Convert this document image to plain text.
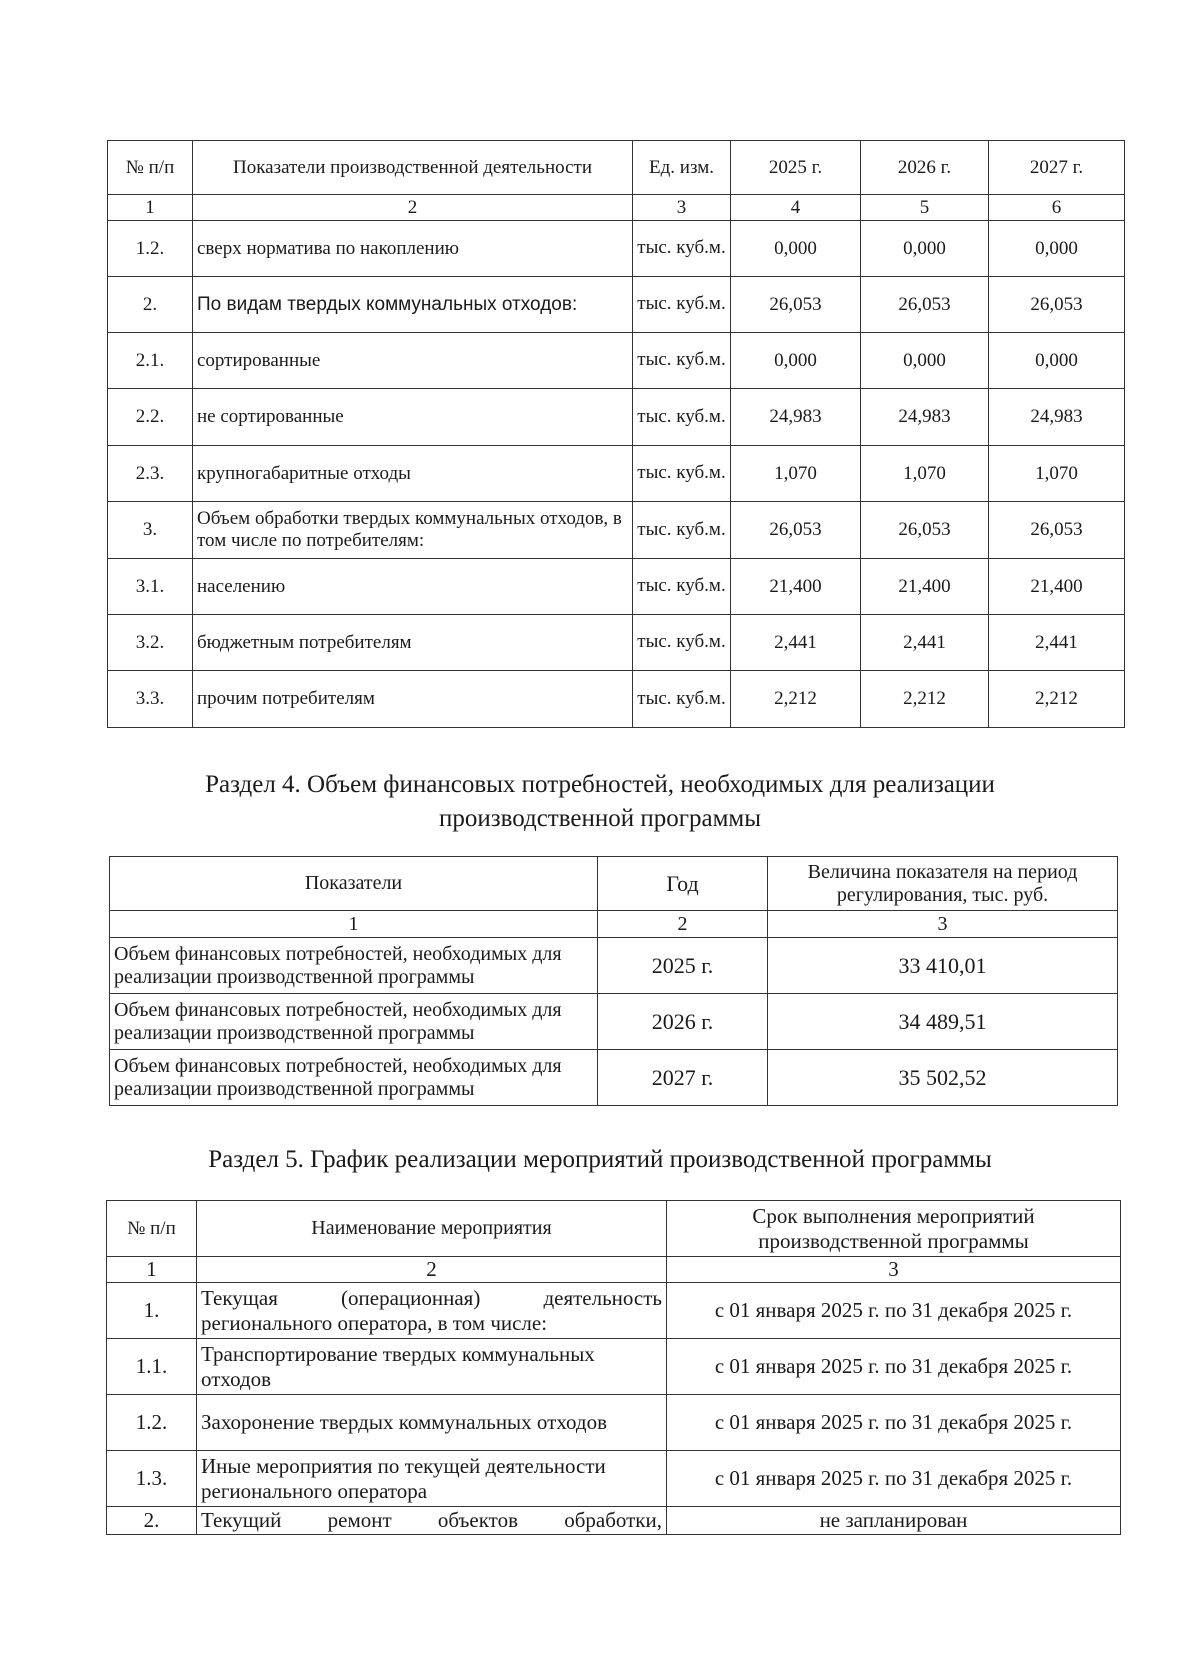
№ п/п	Показатели производственной деятельности	Ед. изм.	2025 г.	2026 г.	2027 г.
1	2	3	4	5	6
1.2.	сверх норматива по накоплению	тыс. куб.м.	0,000	0,000	0,000
2.	По видам твердых коммунальных отходов:	тыс. куб.м.	26,053	26,053	26,053
2.1.	сортированные	тыс. куб.м.	0,000	0,000	0,000
2.2.	не сортированные	тыс. куб.м.	24,983	24,983	24,983
2.3.	крупногабаритные отходы	тыс. куб.м.	1,070	1,070	1,070
3.	Объем обработки твердых коммунальных отходов, в том числе по потребителям:	тыс. куб.м.	26,053	26,053	26,053
3.1.	населению	тыс. куб.м.	21,400	21,400	21,400
3.2.	бюджетным потребителям	тыс. куб.м.	2,441	2,441	2,441
3.3.	прочим потребителям	тыс. куб.м.	2,212	2,212	2,212
Раздел 4. Объем финансовых потребностей, необходимых для реализации
производственной программы
Показатели	Год	Величина показателя на период регулирования, тыс. руб.
1	2	3
Объем финансовых потребностей, необходимых для реализации производственной программы	2025 г.	33 410,01
Объем финансовых потребностей, необходимых для реализации производственной программы	2026 г.	34 489,51
Объем финансовых потребностей, необходимых для реализации производственной программы	2027 г.	35 502,52
Раздел 5. График реализации мероприятий производственной программы
№ п/п	Наименование мероприятия	Срок выполнения мероприятий производственной программы
1	2	3
1.	Текущая (операционная) деятельность регионального оператора, в том числе:	с 01 января 2025 г. по 31 декабря 2025 г.
1.1.	Транспортирование твердых коммунальных отходов	с 01 января 2025 г. по 31 декабря 2025 г.
1.2.	Захоронение твердых коммунальных отходов	с 01 января 2025 г. по 31 декабря 2025 г.
1.3.	Иные мероприятия по текущей деятельности регионального оператора	с 01 января 2025 г. по 31 декабря 2025 г.
2.	Текущий ремонт объектов обработки,	не запланирован
